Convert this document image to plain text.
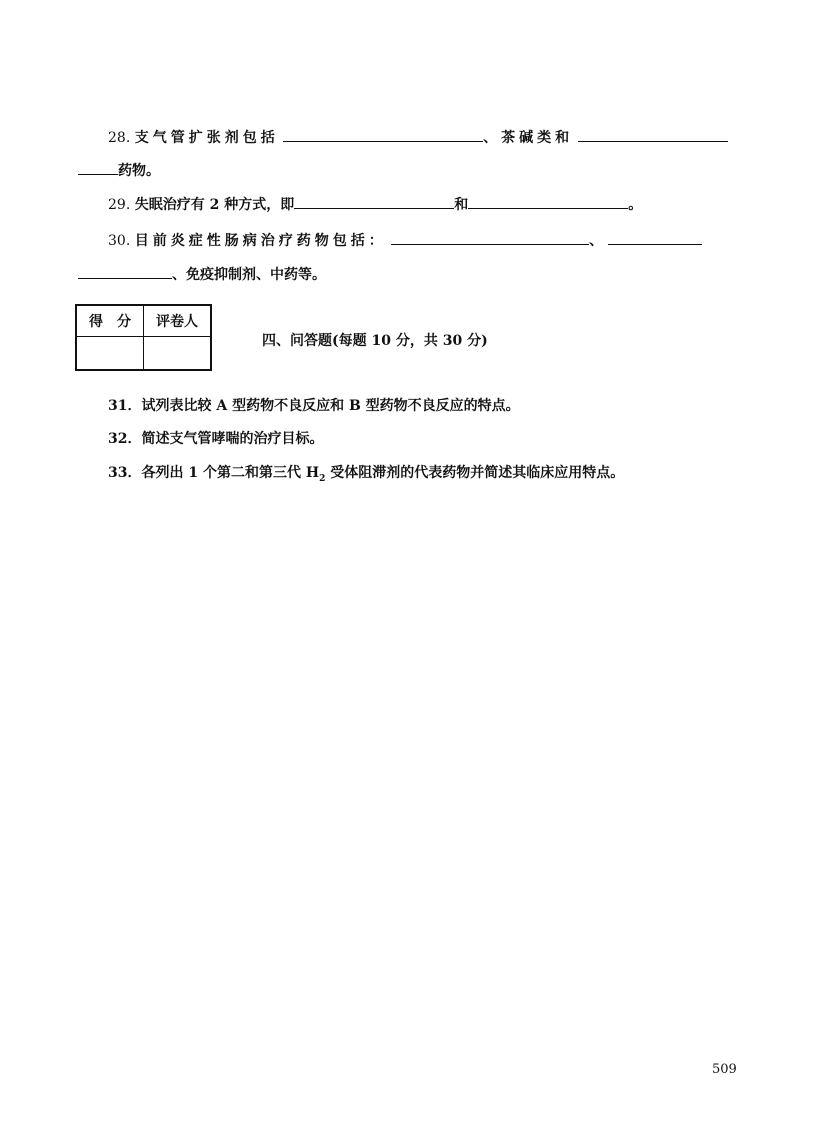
28. 支气管扩张剂包括	、茶碱类和
药物。
29. 失眠治疗有 2 种方式，即	和	。
30. 目前炎症性肠病治疗药物包括：	、
、免疫抑制剂、中药等。
得　分	评卷人

四、问答题(每题 10 分，共 30 分)
31．试列表比较 A 型药物不良反应和 B 型药物不良反应的特点。
32．简述支气管哮喘的治疗目标。
33．各列出 1 个第二和第三代 $H_2$ 受体阻滞剂的代表药物并简述其临床应用特点。
509
